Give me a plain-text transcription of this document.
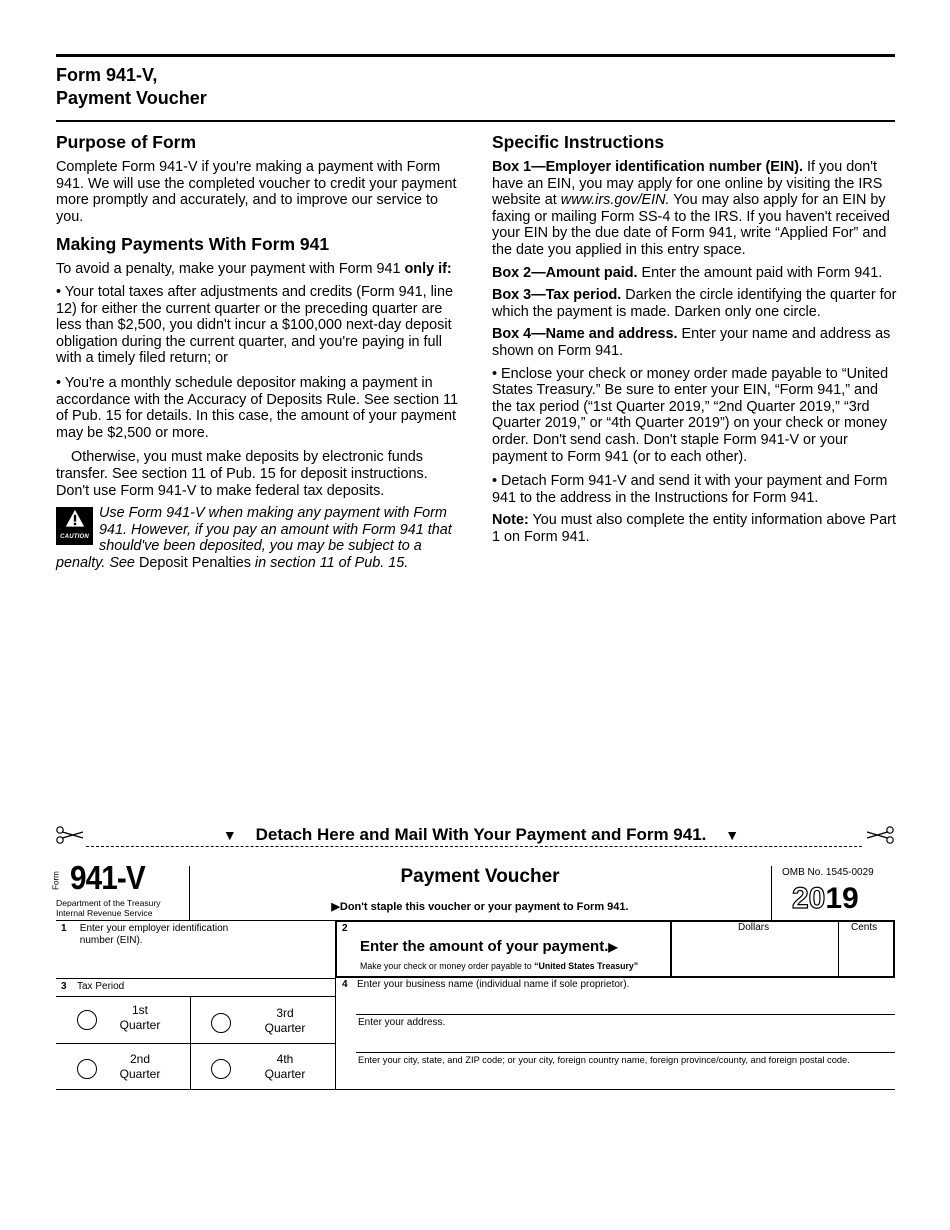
Form 941-V,
Payment Voucher
Purpose of Form

Complete Form 941-V if you're making a payment with Form 941. We will use the completed voucher to credit your payment more promptly and accurately, and to improve our service to you.

Making Payments With Form 941

To avoid a penalty, make your payment with Form 941 only if:

• Your total taxes after adjustments and credits (Form 941, line 12) for either the current quarter or the preceding quarter are less than $2,500, you didn't incur a $100,000 next-day deposit obligation during the current quarter, and you're paying in full with a timely filed return; or

• You're a monthly schedule depositor making a payment in accordance with the Accuracy of Deposits Rule. See section 11 of Pub. 15 for details. In this case, the amount of your payment may be $2,500 or more.

Otherwise, you must make deposits by electronic funds transfer. See section 11 of Pub. 15 for deposit instructions. Don't use Form 941-V to make federal tax deposits.

CAUTION
Use Form 941-V when making any payment with Form 941. However, if you pay an amount with Form 941 that should've been deposited, you may be subject to a penalty. See Deposit Penalties in section 11 of Pub. 15.
Specific Instructions

Box 1—Employer identification number (EIN). If you don't have an EIN, you may apply for one online by visiting the IRS website at www.irs.gov/EIN. You may also apply for an EIN by faxing or mailing Form SS-4 to the IRS. If you haven't received your EIN by the due date of Form 941, write “Applied For” and the date you applied in this entry space.

Box 2—Amount paid. Enter the amount paid with Form 941.

Box 3—Tax period. Darken the circle identifying the quarter for which the payment is made. Darken only one circle.

Box 4—Name and address. Enter your name and address as shown on Form 941.

• Enclose your check or money order made payable to “United States Treasury.” Be sure to enter your EIN, “Form 941,” and the tax period (“1st Quarter 2019,” “2nd Quarter 2019,” “3rd Quarter 2019,” or “4th Quarter 2019”) on your check or money order. Don't send cash. Don't staple Form 941-V or your payment to Form 941 (or to each other).

• Detach Form 941-V and send it with your payment and Form 941 to the address in the Instructions for Form 941.

Note: You must also complete the entity information above Part 1 on Form 941.

▼ Detach Here and Mail With Your Payment and Form 941. ▼
Form 941-V
Department of the Treasury
Internal Revenue Service
Payment Voucher
▶Don't staple this voucher or your payment to Form 941.
OMB No. 1545-0029
2019
1 Enter your employer identification number (EIN).
2
Enter the amount of your payment.▶
Make your check or money order payable to “United States Treasury”
Dollars	Cents
3 Tax Period
1st
Quarter
3rd
Quarter
2nd
Quarter
4th
Quarter
4 Enter your business name (individual name if sole proprietor).
Enter your address.
Enter your city, state, and ZIP code; or your city, foreign country name, foreign province/county, and foreign postal code.
